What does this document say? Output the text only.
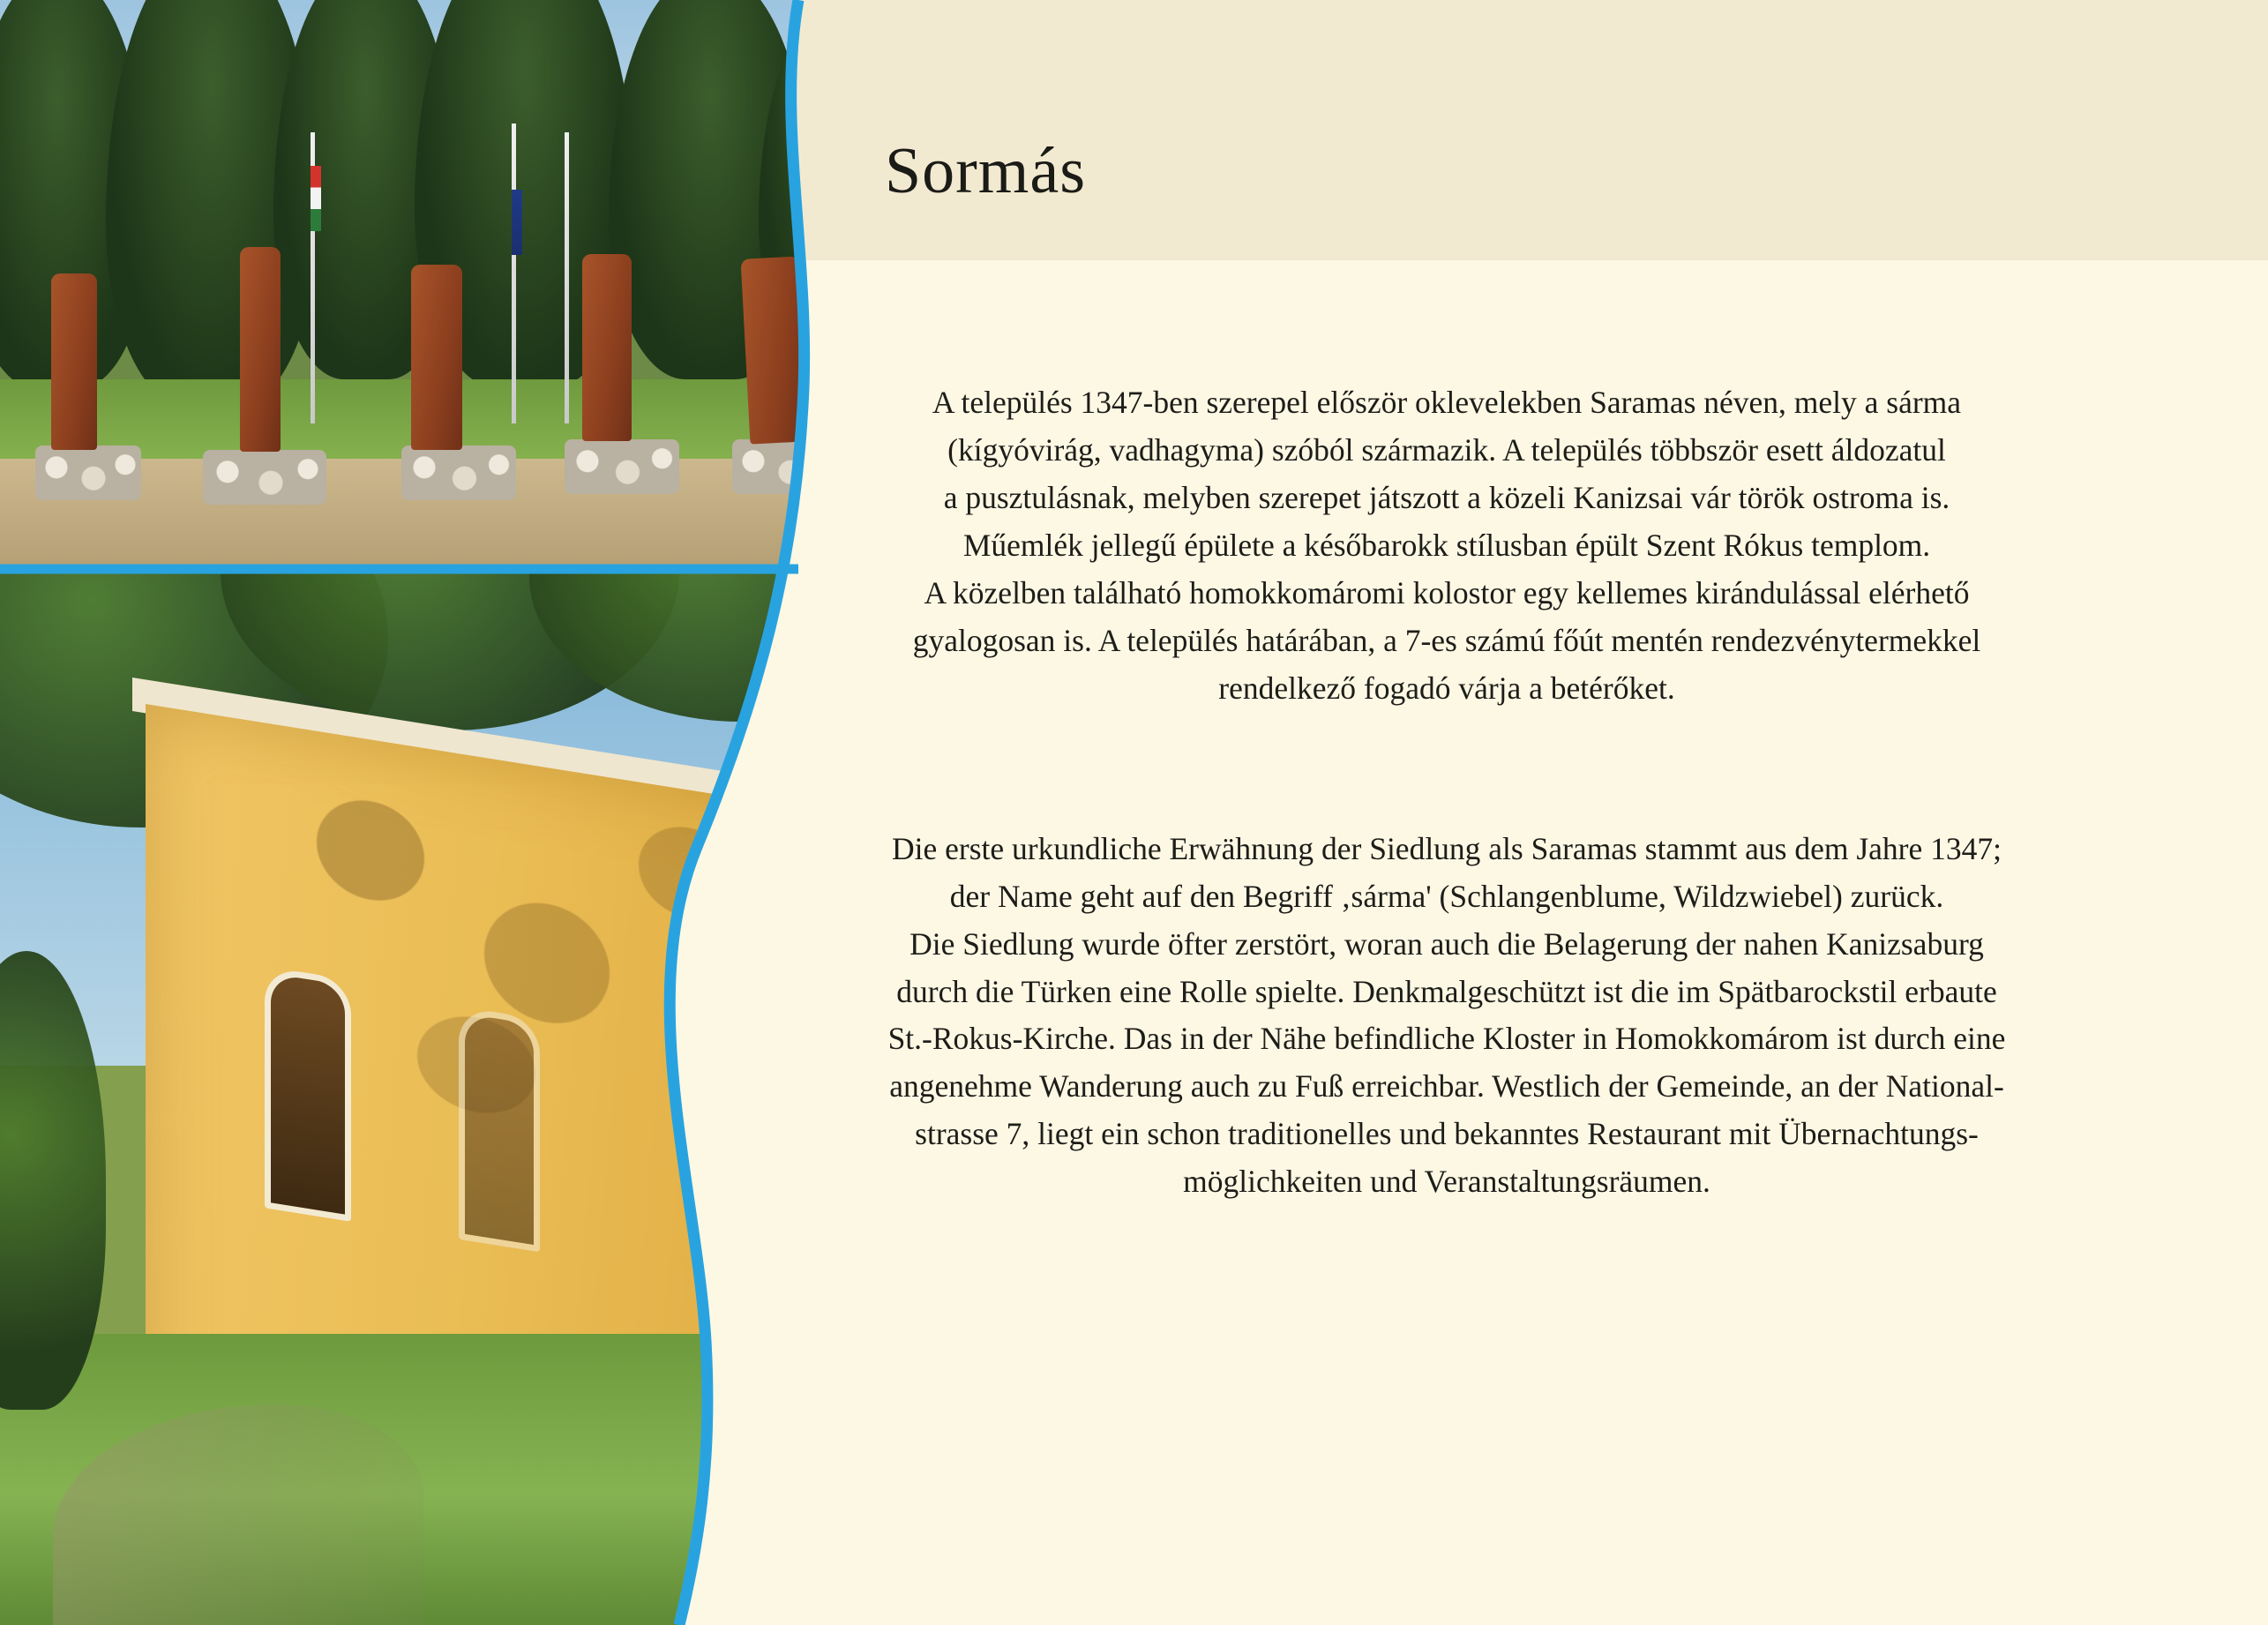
Sormás

A település 1347-ben szerepel először oklevelekben Saramas néven, mely a sárma
(kígyóvirág, vadhagyma) szóból származik. A település többször esett áldozatul
a pusztulásnak, melyben szerepet játszott a közeli Kanizsai vár török ostroma is.
Műemlék jellegű épülete a későbarokk stílusban épült Szent Rókus templom.
A közelben található homokkomáromi kolostor egy kellemes kirándulással elérhető
gyalogosan is. A település határában, a 7-es számú főút mentén rendezvénytermekkel
rendelkező fogadó várja a betérőket.

Die erste urkundliche Erwähnung der Siedlung als Saramas stammt aus dem Jahre 1347;
der Name geht auf den Begriff ‚sárma' (Schlangenblume, Wildzwiebel) zurück.
Die Siedlung wurde öfter zerstört, woran auch die Belagerung der nahen Kanizsaburg
durch die Türken eine Rolle spielte. Denkmalgeschützt ist die im Spätbarockstil erbaute
St.-Rokus-Kirche. Das in der Nähe befindliche Kloster in Homokkomárom ist durch eine
angenehme Wanderung auch zu Fuß erreichbar. Westlich der Gemeinde, an der National-
strasse 7, liegt ein schon traditionelles und bekanntes Restaurant mit Übernachtungs-
möglichkeiten und Veranstaltungsräumen.
